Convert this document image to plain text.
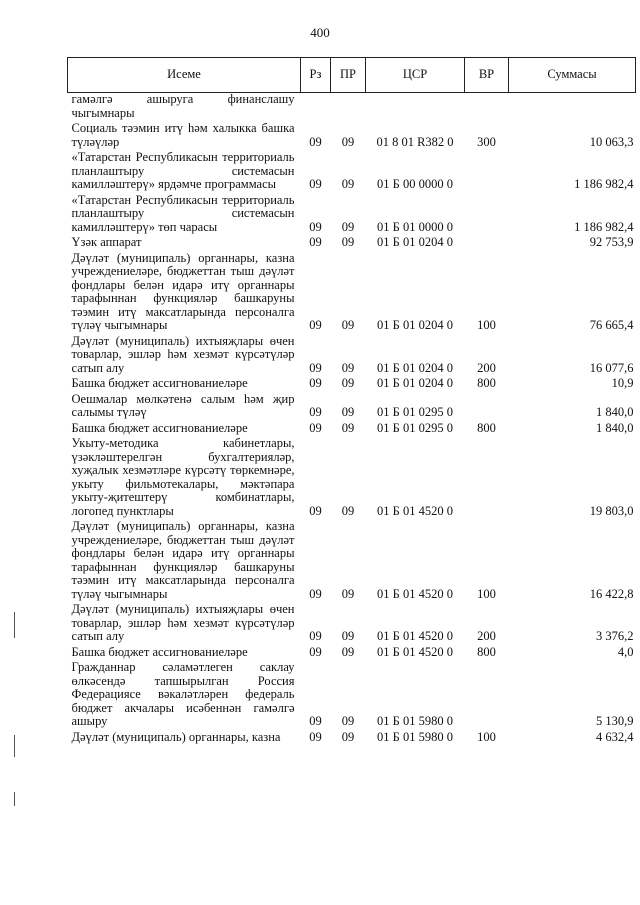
400
Исеме	Рз	ПР	ЦСР	ВР	Суммасы
гамәлгә ашыруга финанслашу чыгымнары					
Социаль тәэмин итү һәм халыкка башка түләүләр	09	09	01 8 01 R382 0	300	10 063,3
«Татарстан Республикасын территориаль планлаштыру системасын камилләштерү» ярдәмче программасы	09	09	01 Б 00 0000 0		1 186 982,4
«Татарстан Республикасын территориаль планлаштыру системасын камилләштерү» төп чарасы	09	09	01 Б 01 0000 0		1 186 982,4
Үзәк аппарат	09	09	01 Б 01 0204 0		92 753,9
Дәүләт (муниципаль) органнары, казна учреждениеләре, бюджеттан тыш дәүләт фондлары белән идарә итү органнары тарафыннан функцияләр башкаруны тәэмин итү максатларында персоналга түләү чыгымнары	09	09	01 Б 01 0204 0	100	76 665,4
Дәүләт (муниципаль) ихтыяҗлары өчен товарлар, эшләр һәм хезмәт күрсәтүләр сатып алу	09	09	01 Б 01 0204 0	200	16 077,6
Башка бюджет ассигнованиеләре	09	09	01 Б 01 0204 0	800	10,9
Оешмалар мөлкәтенә салым һәм җир салымы түләү	09	09	01 Б 01 0295 0		1 840,0
Башка бюджет ассигнованиеләре	09	09	01 Б 01 0295 0	800	1 840,0
Укыту-методика кабинетлары, үзәкләштерелгән бухгалтерияләр, хуҗалык хезмәтләре күрсәтү төркемнәре, укыту фильмотекалары, мәктәпара укыту-җитештерү комбинатлары, логопед пунктлары	09	09	01 Б 01 4520 0		19 803,0
Дәүләт (муниципаль) органнары, казна учреждениеләре, бюджеттан тыш дәүләт фондлары белән идарә итү органнары тарафыннан функцияләр башкаруны тәэмин итү максатларында персоналга түләү чыгымнары	09	09	01 Б 01 4520 0	100	16 422,8
Дәүләт (муниципаль) ихтыяҗлары өчен товарлар, эшләр һәм хезмәт күрсәтүләр сатып алу	09	09	01 Б 01 4520 0	200	3 376,2
Башка бюджет ассигнованиеләре	09	09	01 Б 01 4520 0	800	4,0
Гражданнар сәламәтлеген саклау өлкәсендә тапшырылган Россия Федерациясе вәкаләтләрен федераль бюджет акчалары исәбеннән гамәлгә ашыру	09	09	01 Б 01 5980 0		5 130,9
Дәүләт (муниципаль) органнары, казна	09	09	01 Б 01 5980 0	100	4 632,4
